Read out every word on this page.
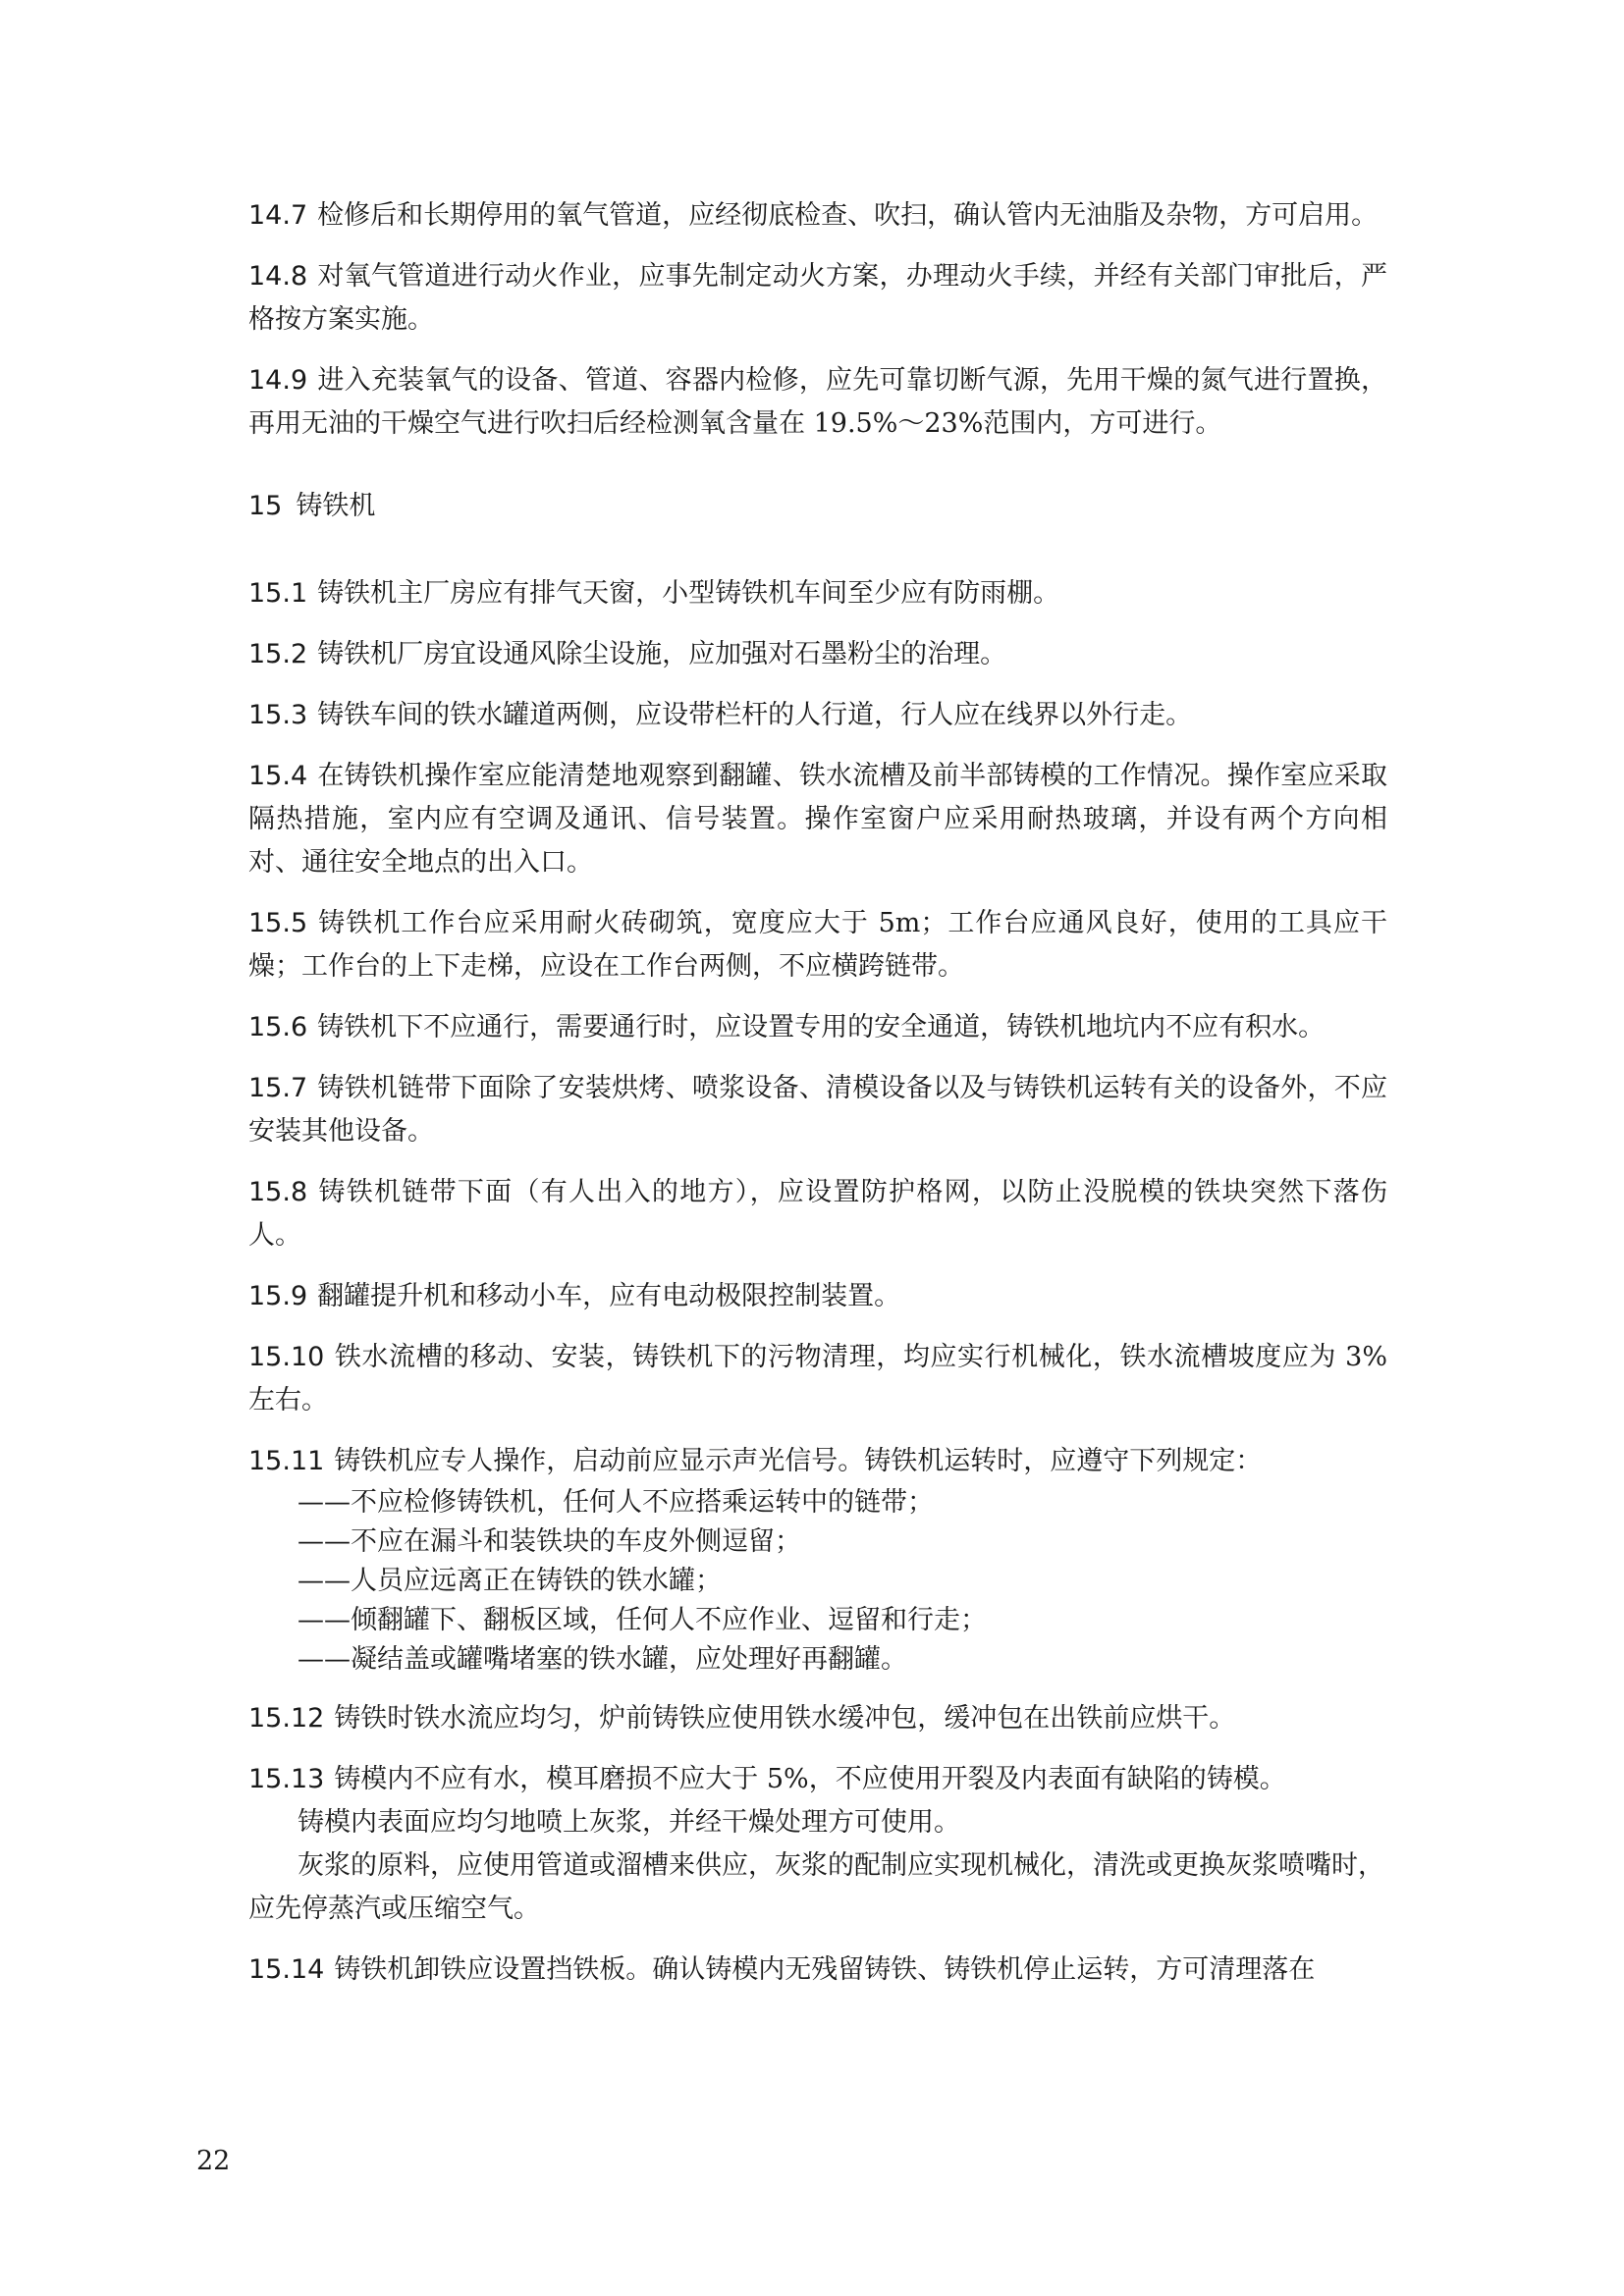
14.7 检修后和长期停用的氧气管道，应经彻底检查、吹扫，确认管内无油脂及杂物，方可启用。

14.8 对氧气管道进行动火作业，应事先制定动火方案，办理动火手续，并经有关部门审批后，严格按方案实施。

14.9 进入充装氧气的设备、管道、容器内检修，应先可靠切断气源，先用干燥的氮气进行置换，再用无油的干燥空气进行吹扫后经检测氧含量在 19.5%～23%范围内，方可进行。

15 铸铁机

15.1 铸铁机主厂房应有排气天窗，小型铸铁机车间至少应有防雨棚。

15.2 铸铁机厂房宜设通风除尘设施，应加强对石墨粉尘的治理。

15.3 铸铁车间的铁水罐道两侧，应设带栏杆的人行道，行人应在线界以外行走。

15.4 在铸铁机操作室应能清楚地观察到翻罐、铁水流槽及前半部铸模的工作情况。操作室应采取隔热措施，室内应有空调及通讯、信号装置。操作室窗户应采用耐热玻璃，并设有两个方向相对、通往安全地点的出入口。

15.5 铸铁机工作台应采用耐火砖砌筑，宽度应大于 5m；工作台应通风良好，使用的工具应干燥；工作台的上下走梯，应设在工作台两侧，不应横跨链带。

15.6 铸铁机下不应通行，需要通行时，应设置专用的安全通道，铸铁机地坑内不应有积水。

15.7 铸铁机链带下面除了安装烘烤、喷浆设备、清模设备以及与铸铁机运转有关的设备外，不应安装其他设备。

15.8 铸铁机链带下面（有人出入的地方），应设置防护格网，以防止没脱模的铁块突然下落伤人。

15.9 翻罐提升机和移动小车，应有电动极限控制装置。

15.10 铁水流槽的移动、安装，铸铁机下的污物清理，均应实行机械化，铁水流槽坡度应为 3%左右。

15.11 铸铁机应专人操作，启动前应显示声光信号。铸铁机运转时，应遵守下列规定：

——不应检修铸铁机，任何人不应搭乘运转中的链带；
——不应在漏斗和装铁块的车皮外侧逗留；
——人员应远离正在铸铁的铁水罐；
——倾翻罐下、翻板区域，任何人不应作业、逗留和行走；
——凝结盖或罐嘴堵塞的铁水罐，应处理好再翻罐。

15.12 铸铁时铁水流应均匀，炉前铸铁应使用铁水缓冲包，缓冲包在出铁前应烘干。

15.13 铸模内不应有水，模耳磨损不应大于 5%，不应使用开裂及内表面有缺陷的铸模。

铸模内表面应均匀地喷上灰浆，并经干燥处理方可使用。

灰浆的原料，应使用管道或溜槽来供应，灰浆的配制应实现机械化，清洗或更换灰浆喷嘴时，应先停蒸汽或压缩空气。

15.14 铸铁机卸铁应设置挡铁板。确认铸模内无残留铸铁、铸铁机停止运转，方可清理落在

22
